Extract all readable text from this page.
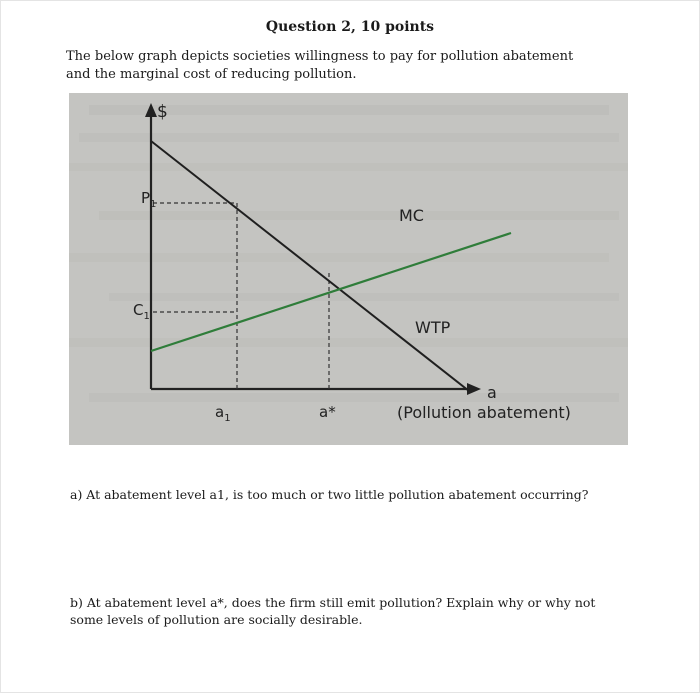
Question 2, 10 points
The below graph depicts societies willingness to pay for pollution abatement and the marginal cost of reducing pollution.
$
$P_1$
$C_1$
$a_1$	a*
MC
WTP
a
(Pollution abatement)
a) At abatement level a1, is too much or two little pollution abatement occurring?
b) At abatement level a*, does the firm still emit pollution? Explain why or why not some levels of pollution are socially desirable.
